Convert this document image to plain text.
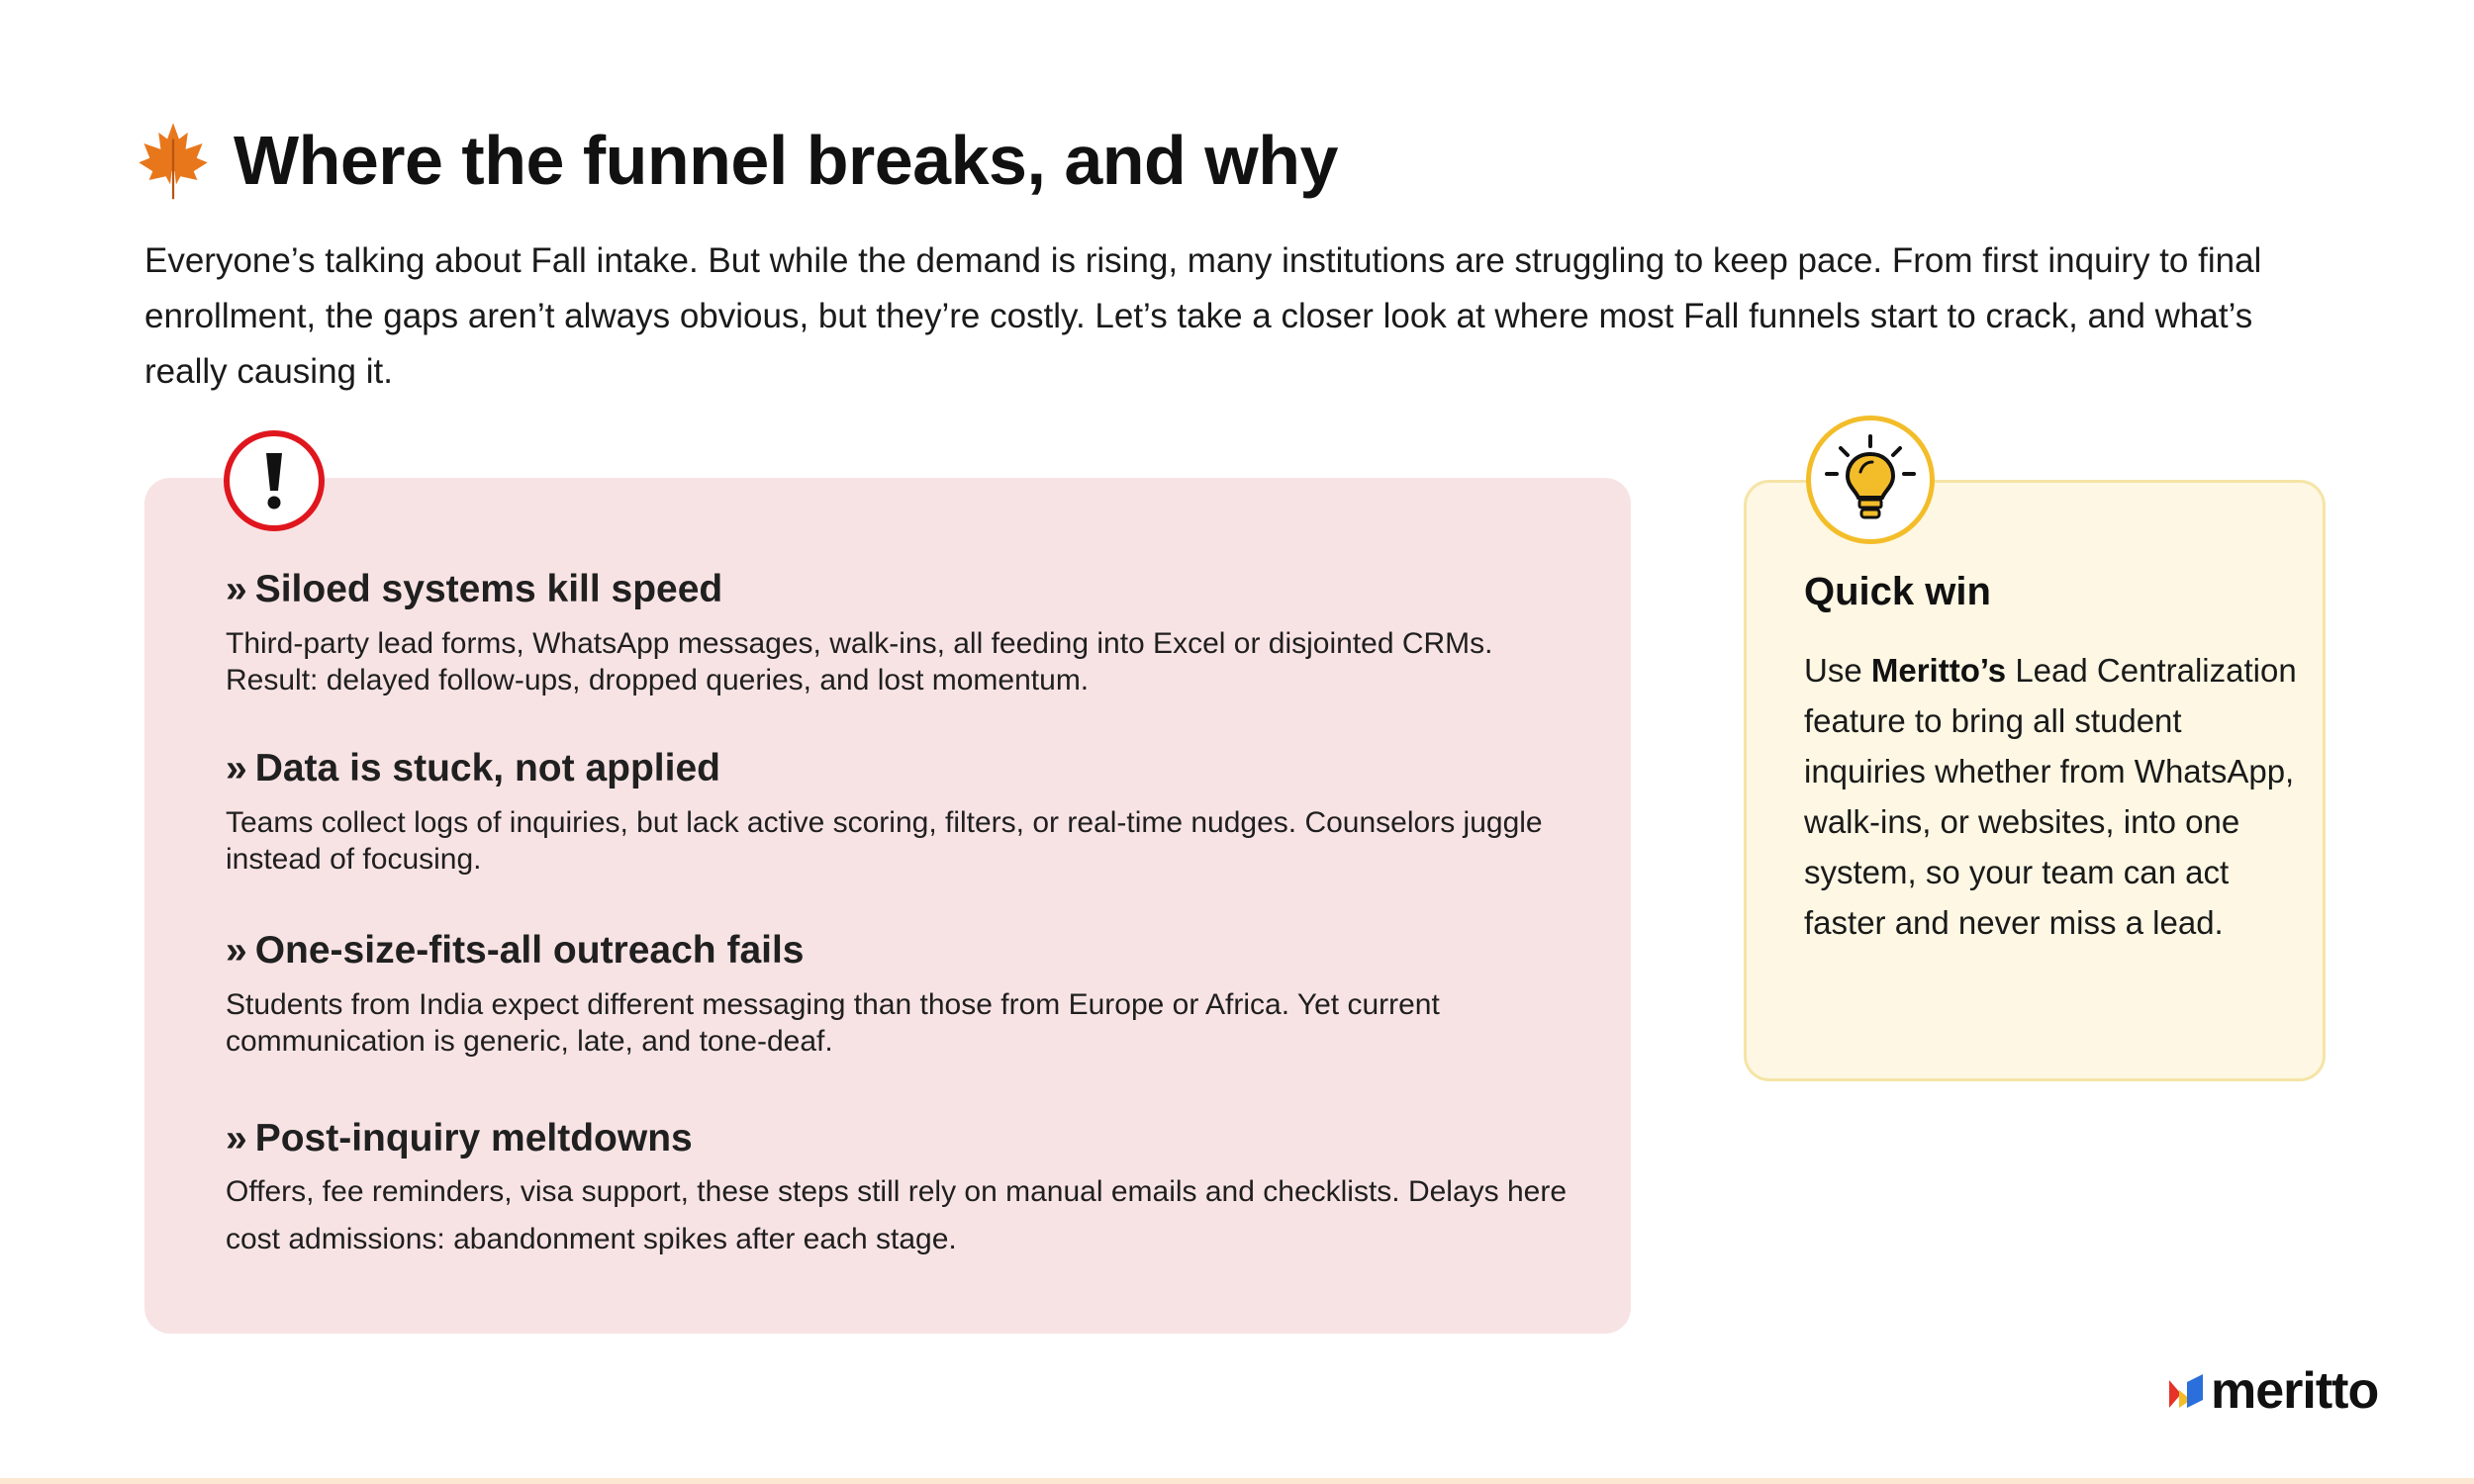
Where the funnel breaks, and why
Everyone’s talking about Fall intake. But while the demand is rising, many institutions are struggling to keep pace. From first inquiry to final enrollment, the gaps aren’t always obvious, but they’re costly. Let’s take a closer look at where most Fall funnels start to crack, and what’s really causing it.
» Siloed systems kill speed
Third-party lead forms, WhatsApp messages, walk-ins, all feeding into Excel or disjointed CRMs. Result: delayed follow-ups, dropped queries, and lost momentum.
» Data is stuck, not applied
Teams collect logs of inquiries, but lack active scoring, filters, or real-time nudges. Counselors juggle instead of focusing.
» One-size-fits-all outreach fails
Students from India expect different messaging than those from Europe or Africa. Yet current communication is generic, late, and tone-deaf.
» Post-inquiry meltdowns
Offers, fee reminders, visa support, these steps still rely on manual emails and checklists. Delays here cost admissions: abandonment spikes after each stage.
Quick win
Use Meritto’s Lead Centralization feature to bring all student inquiries whether from WhatsApp, walk-ins, or websites, into one system, so your team can act faster and never miss a lead.
meritto
